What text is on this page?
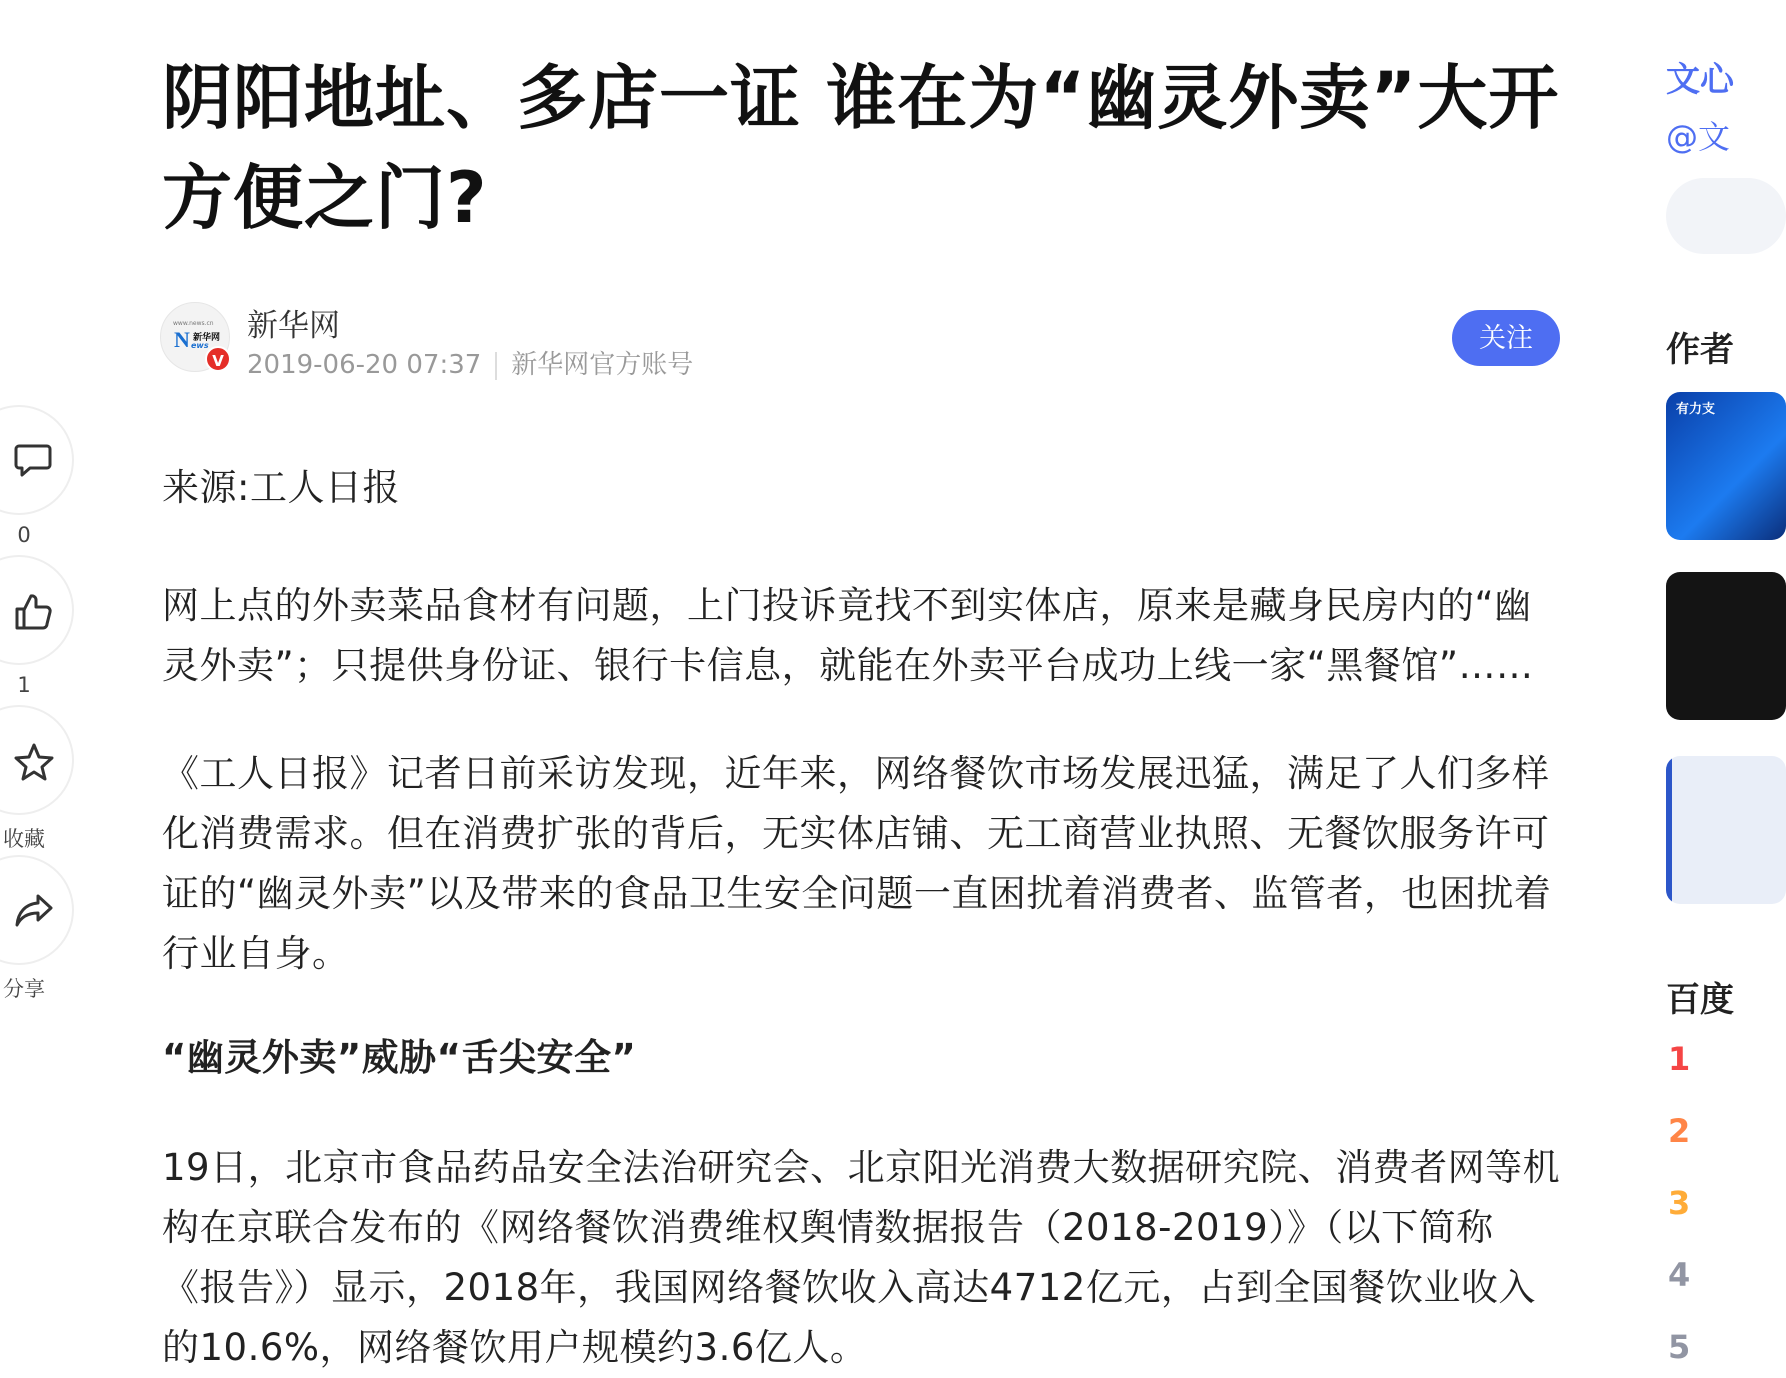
阴阳地址、多店一证 谁在为“幽灵外卖”大开方便之门?
www.news.cn
N 新华网
ews
V
新华网
2019-06-20 07:37 新华网官方账号
关注
0
1
收藏
分享

来源:工人日报

网上点的外卖菜品食材有问题，上门投诉竟找不到实体店，原来是藏身民房内的“幽灵外卖”；只提供身份证、银行卡信息，就能在外卖平台成功上线一家“黑餐馆”……

《工人日报》记者日前采访发现，近年来，网络餐饮市场发展迅猛，满足了人们多样化消费需求。但在消费扩张的背后，无实体店铺、无工商营业执照、无餐饮服务许可证的“幽灵外卖”以及带来的食品卫生安全问题一直困扰着消费者、监管者，也困扰着行业自身。

“幽灵外卖”威胁“舌尖安全”

19日，北京市食品药品安全法治研究会、北京阳光消费大数据研究院、消费者网等机构在京联合发布的《网络餐饮消费维权舆情数据报告（2018-2019）》（以下简称《报告》）显示，2018年，我国网络餐饮收入高达4712亿元，占到全国餐饮业收入的10.6%，网络餐饮用户规模约3.6亿人。

文心
@文
作者
有力支
百度
1
2
3
4
5
